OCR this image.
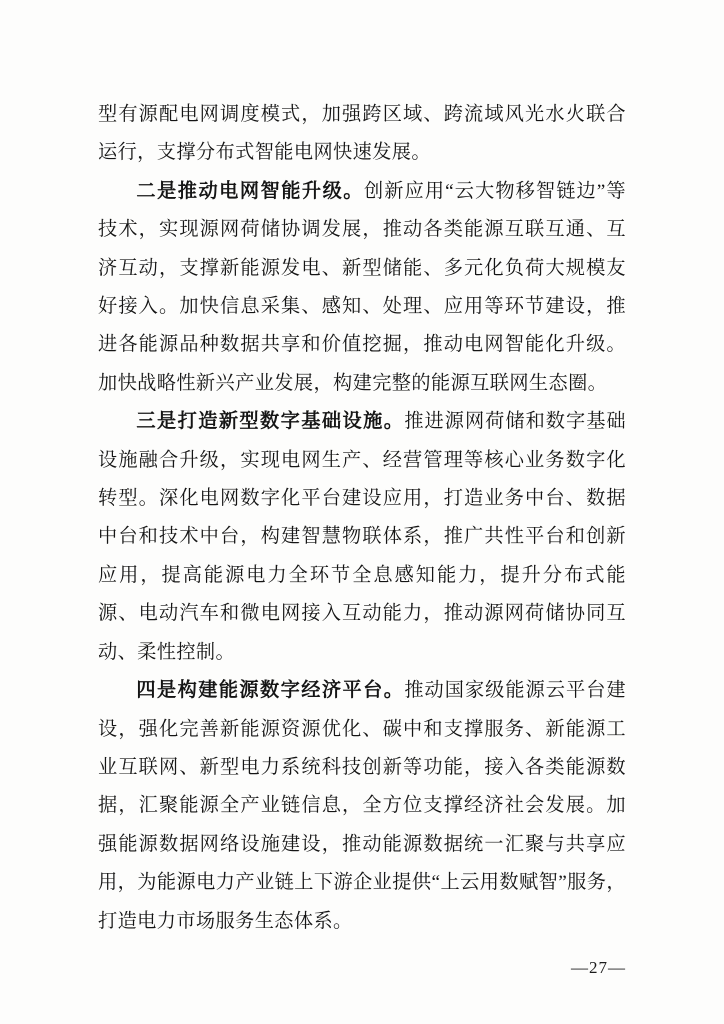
型有源配电网调度模式，加强跨区域、跨流域风光水火联合运行，支撑分布式智能电网快速发展。

二是推动电网智能升级。创新应用“云大物移智链边”等技术，实现源网荷储协调发展，推动各类能源互联互通、互济互动，支撑新能源发电、新型储能、多元化负荷大规模友好接入。加快信息采集、感知、处理、应用等环节建设，推进各能源品种数据共享和价值挖掘，推动电网智能化升级。加快战略性新兴产业发展，构建完整的能源互联网生态圈。

三是打造新型数字基础设施。推进源网荷储和数字基础设施融合升级，实现电网生产、经营管理等核心业务数字化转型。深化电网数字化平台建设应用，打造业务中台、数据中台和技术中台，构建智慧物联体系，推广共性平台和创新应用，提高能源电力全环节全息感知能力，提升分布式能源、电动汽车和微电网接入互动能力，推动源网荷储协同互动、柔性控制。

四是构建能源数字经济平台。推动国家级能源云平台建设，强化完善新能源资源优化、碳中和支撑服务、新能源工业互联网、新型电力系统科技创新等功能，接入各类能源数据，汇聚能源全产业链信息，全方位支撑经济社会发展。加强能源数据网络设施建设，推动能源数据统一汇聚与共享应用，为能源电力产业链上下游企业提供“上云用数赋智”服务，打造电力市场服务生态体系。

—27—
